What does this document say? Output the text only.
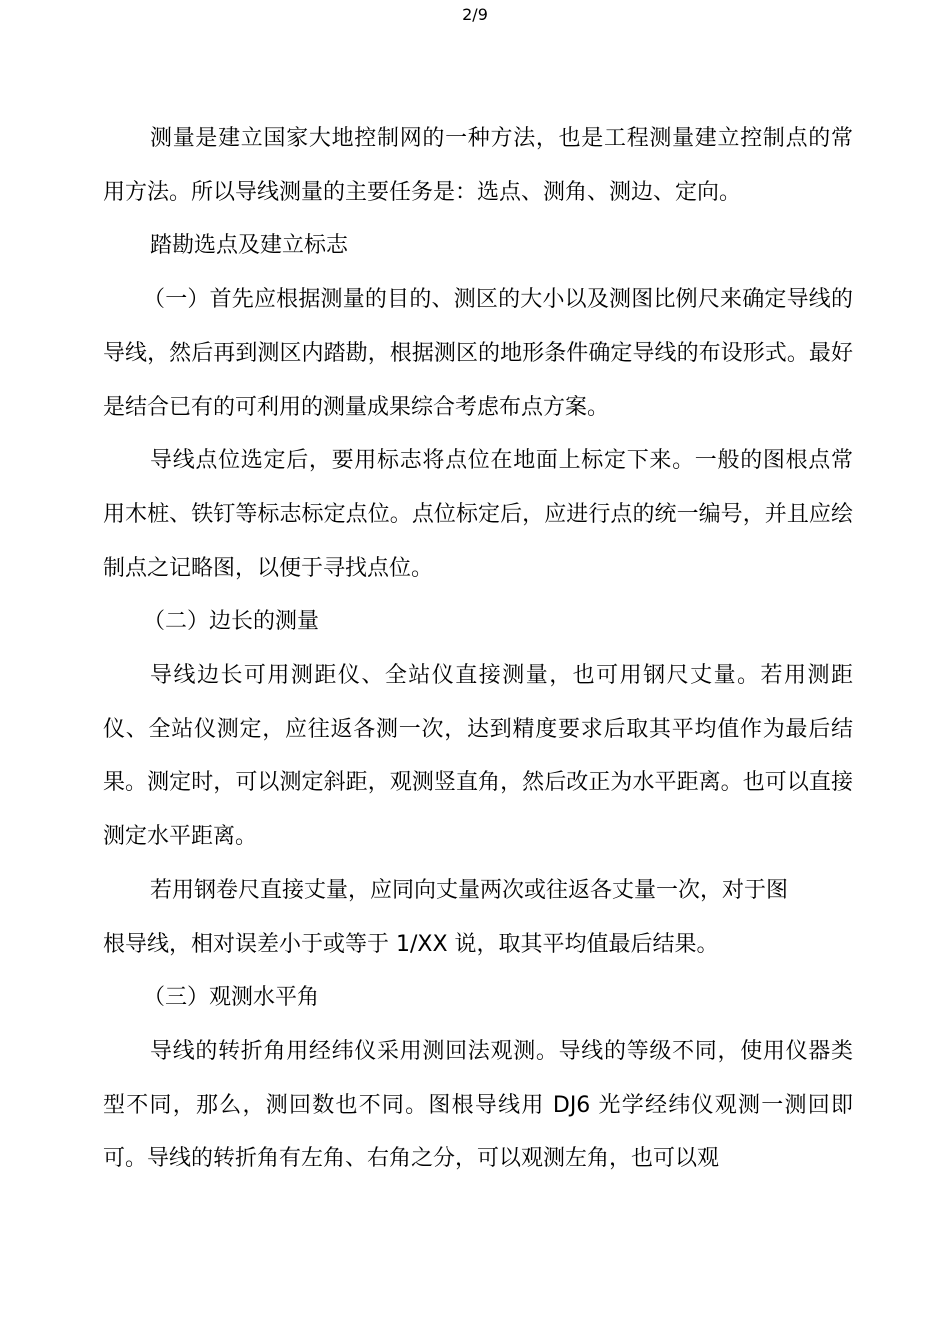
2/9

测量是建立国家大地控制网的一种方法，也是工程测量建立控制点的常用方法。所以导线测量的主要任务是：选点、测角、测边、定向。

踏勘选点及建立标志

（一）首先应根据测量的目的、测区的大小以及测图比例尺来确定导线的导线，然后再到测区内踏勘，根据测区的地形条件确定导线的布设形式。最好是结合已有的可利用的测量成果综合考虑布点方案。

导线点位选定后，要用标志将点位在地面上标定下来。一般的图根点常用木桩、铁钉等标志标定点位。点位标定后，应进行点的统一编号，并且应绘制点之记略图，以便于寻找点位。

（二）边长的测量

导线边长可用测距仪、全站仪直接测量，也可用钢尺丈量。若用测距仪、全站仪测定，应往返各测一次，达到精度要求后取其平均值作为最后结果。测定时，可以测定斜距，观测竖直角，然后改正为水平距离。也可以直接测定水平距离。

若用钢卷尺直接丈量，应同向丈量两次或往返各丈量一次，对于图

根导线，相对误差小于或等于 1/XX 说，取其平均值最后结果。

（三）观测水平角

导线的转折角用经纬仪采用测回法观测。导线的等级不同，使用仪器类型不同，那么，测回数也不同。图根导线用 DJ6 光学经纬仪观测一测回即可。导线的转折角有左角、右角之分，可以观测左角，也可以观
